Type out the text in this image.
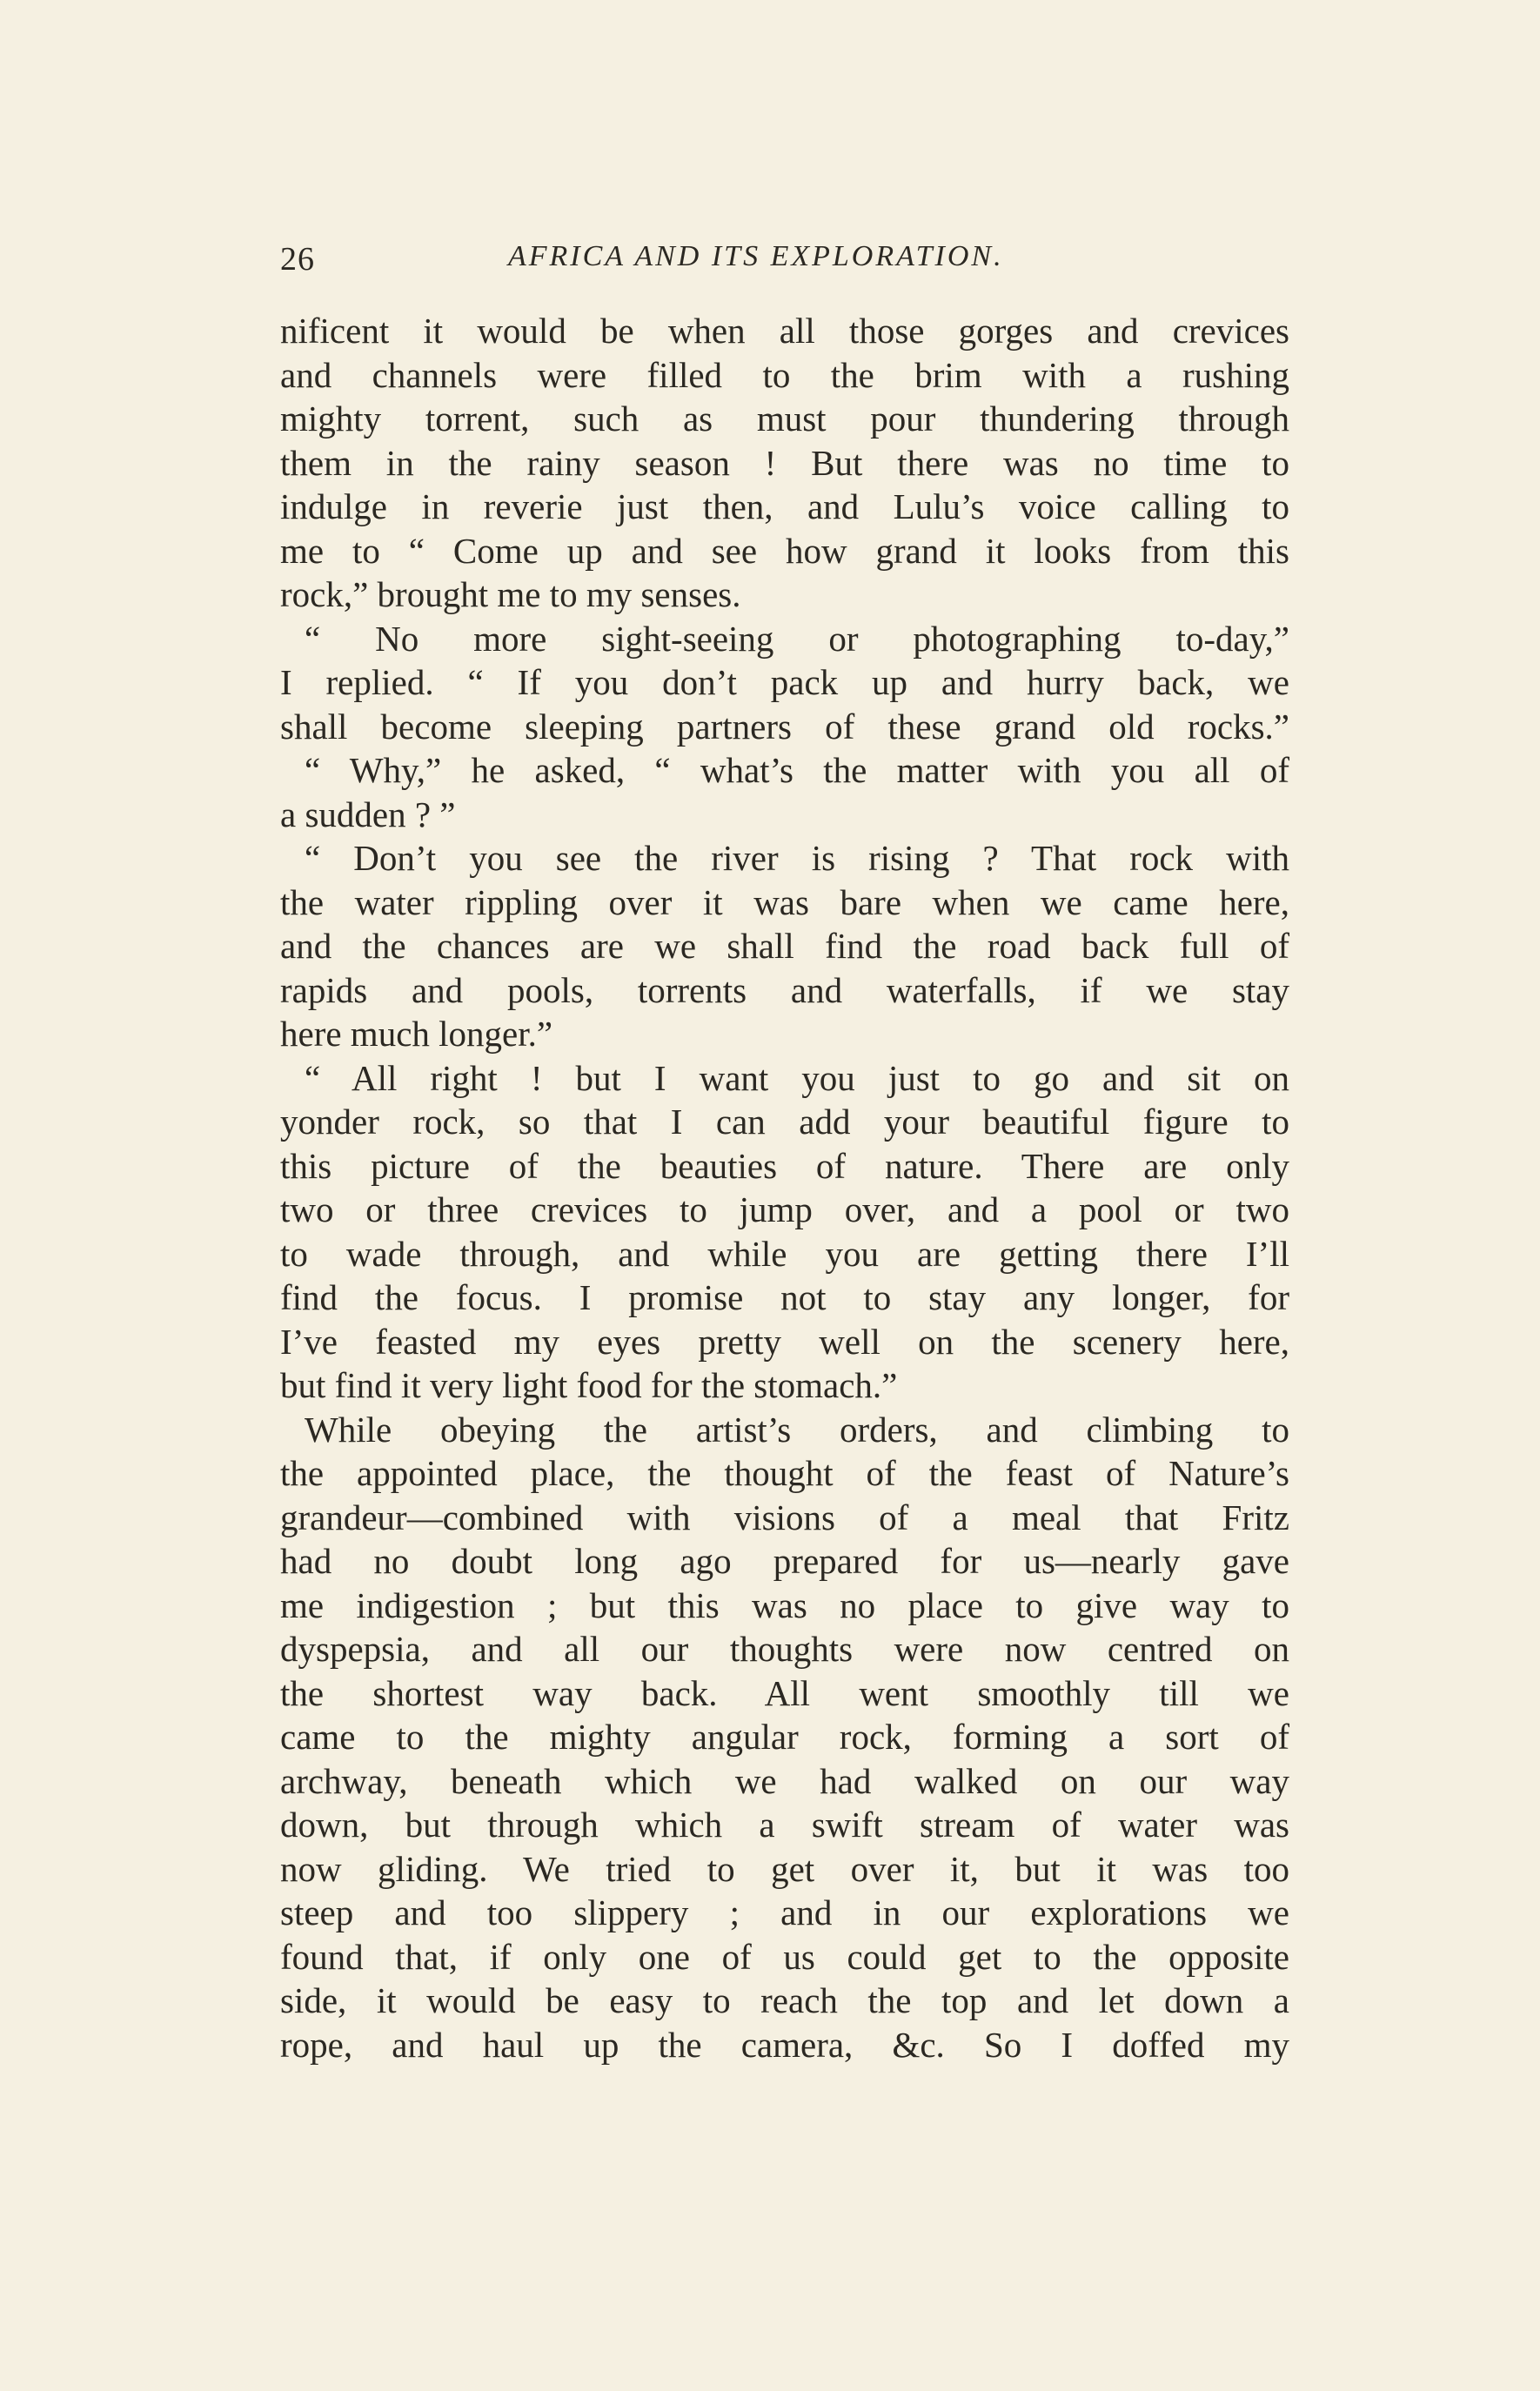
26	AFRICA AND ITS EXPLORATION.
nificent it would be when all those gorges and crevices
and channels were filled to the brim with a rushing
mighty torrent, such as must pour thundering through
them in the rainy season ! But there was no time to
indulge in reverie just then, and Lulu’s voice calling to
me to “ Come up and see how grand it looks from this
rock,” brought me to my senses.
“ No more sight-seeing or photographing to-day,”
I replied. “ If you don’t pack up and hurry back, we
shall become sleeping partners of these grand old rocks.”
“ Why,” he asked, “ what’s the matter with you all of
a sudden ? ”
“ Don’t you see the river is rising ? That rock with
the water rippling over it was bare when we came here,
and the chances are we shall find the road back full of
rapids and pools, torrents and waterfalls, if we stay
here much longer.”
“ All right ! but I want you just to go and sit on
yonder rock, so that I can add your beautiful figure to
this picture of the beauties of nature. There are only
two or three crevices to jump over, and a pool or two
to wade through, and while you are getting there I’ll
find the focus. I promise not to stay any longer, for
I’ve feasted my eyes pretty well on the scenery here,
but find it very light food for the stomach.”
While obeying the artist’s orders, and climbing to
the appointed place, the thought of the feast of Nature’s
grandeur—combined with visions of a meal that Fritz
had no doubt long ago prepared for us—nearly gave
me indigestion ; but this was no place to give way to
dyspepsia, and all our thoughts were now centred on
the shortest way back. All went smoothly till we
came to the mighty angular rock, forming a sort of
archway, beneath which we had walked on our way
down, but through which a swift stream of water was
now gliding. We tried to get over it, but it was too
steep and too slippery ; and in our explorations we
found that, if only one of us could get to the opposite
side, it would be easy to reach the top and let down a
rope, and haul up the camera, &c. So I doffed my
